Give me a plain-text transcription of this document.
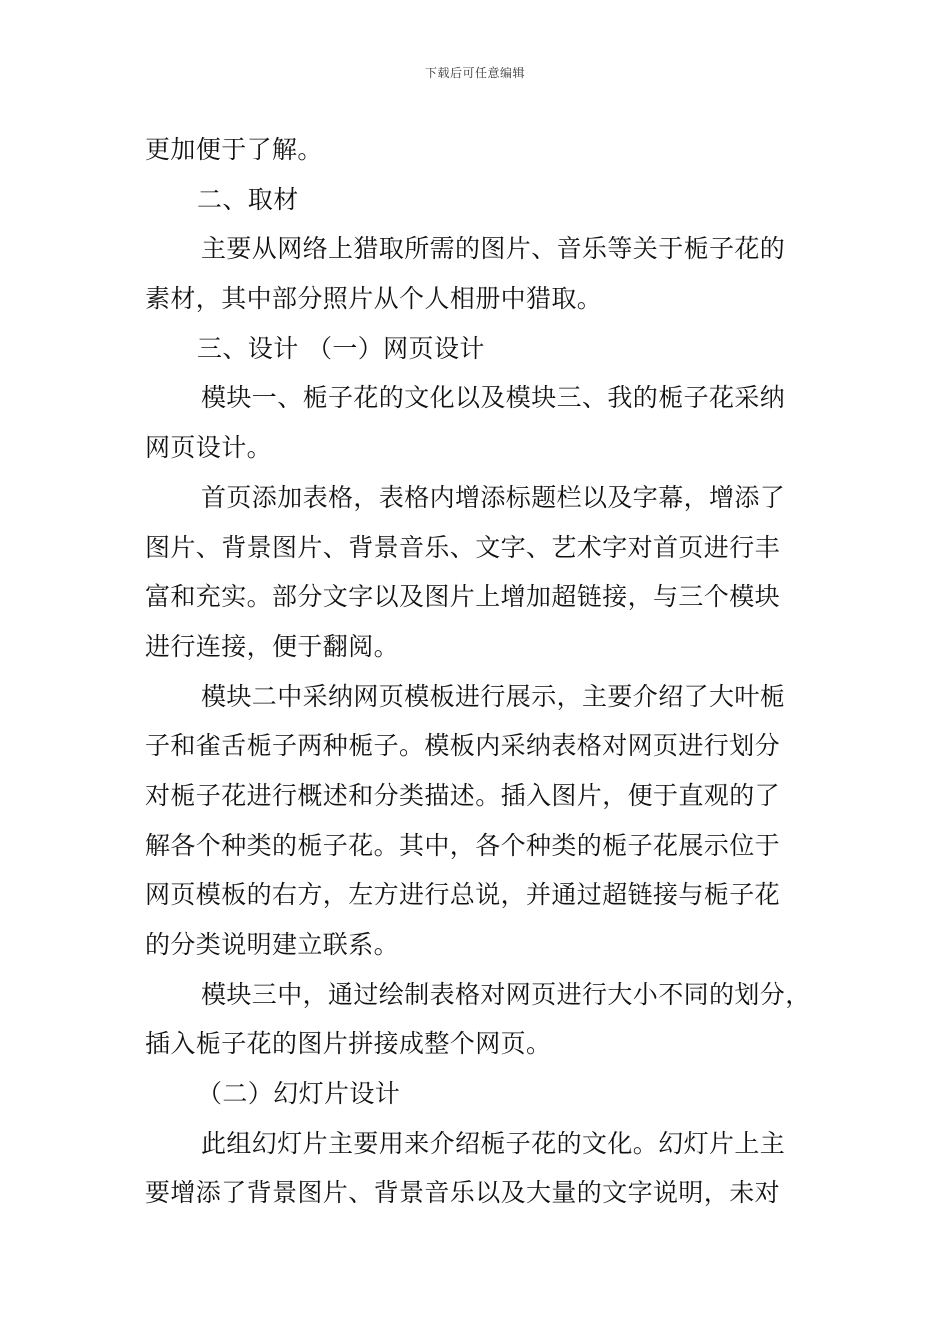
下载后可任意编辑
更加便于了解。
二、取材
主要从网络上猎取所需的图片、音乐等关于栀子花的
素材，其中部分照片从个人相册中猎取。
三、设计 （一）网页设计
模块一、栀子花的文化以及模块三、我的栀子花采纳
网页设计。
首页添加表格，表格内增添标题栏以及字幕，增添了
图片、背景图片、背景音乐、文字、艺术字对首页进行丰
富和充实。部分文字以及图片上增加超链接，与三个模块
进行连接，便于翻阅。
模块二中采纳网页模板进行展示，主要介绍了大叶栀
子和雀舌栀子两种栀子。模板内采纳表格对网页进行划分
对栀子花进行概述和分类描述。插入图片，便于直观的了
解各个种类的栀子花。其中，各个种类的栀子花展示位于
网页模板的右方，左方进行总说，并通过超链接与栀子花
的分类说明建立联系。
模块三中，通过绘制表格对网页进行大小不同的划分，
插入栀子花的图片拼接成整个网页。
（二）幻灯片设计
此组幻灯片主要用来介绍栀子花的文化。幻灯片上主
要增添了背景图片、背景音乐以及大量的文字说明，未对
